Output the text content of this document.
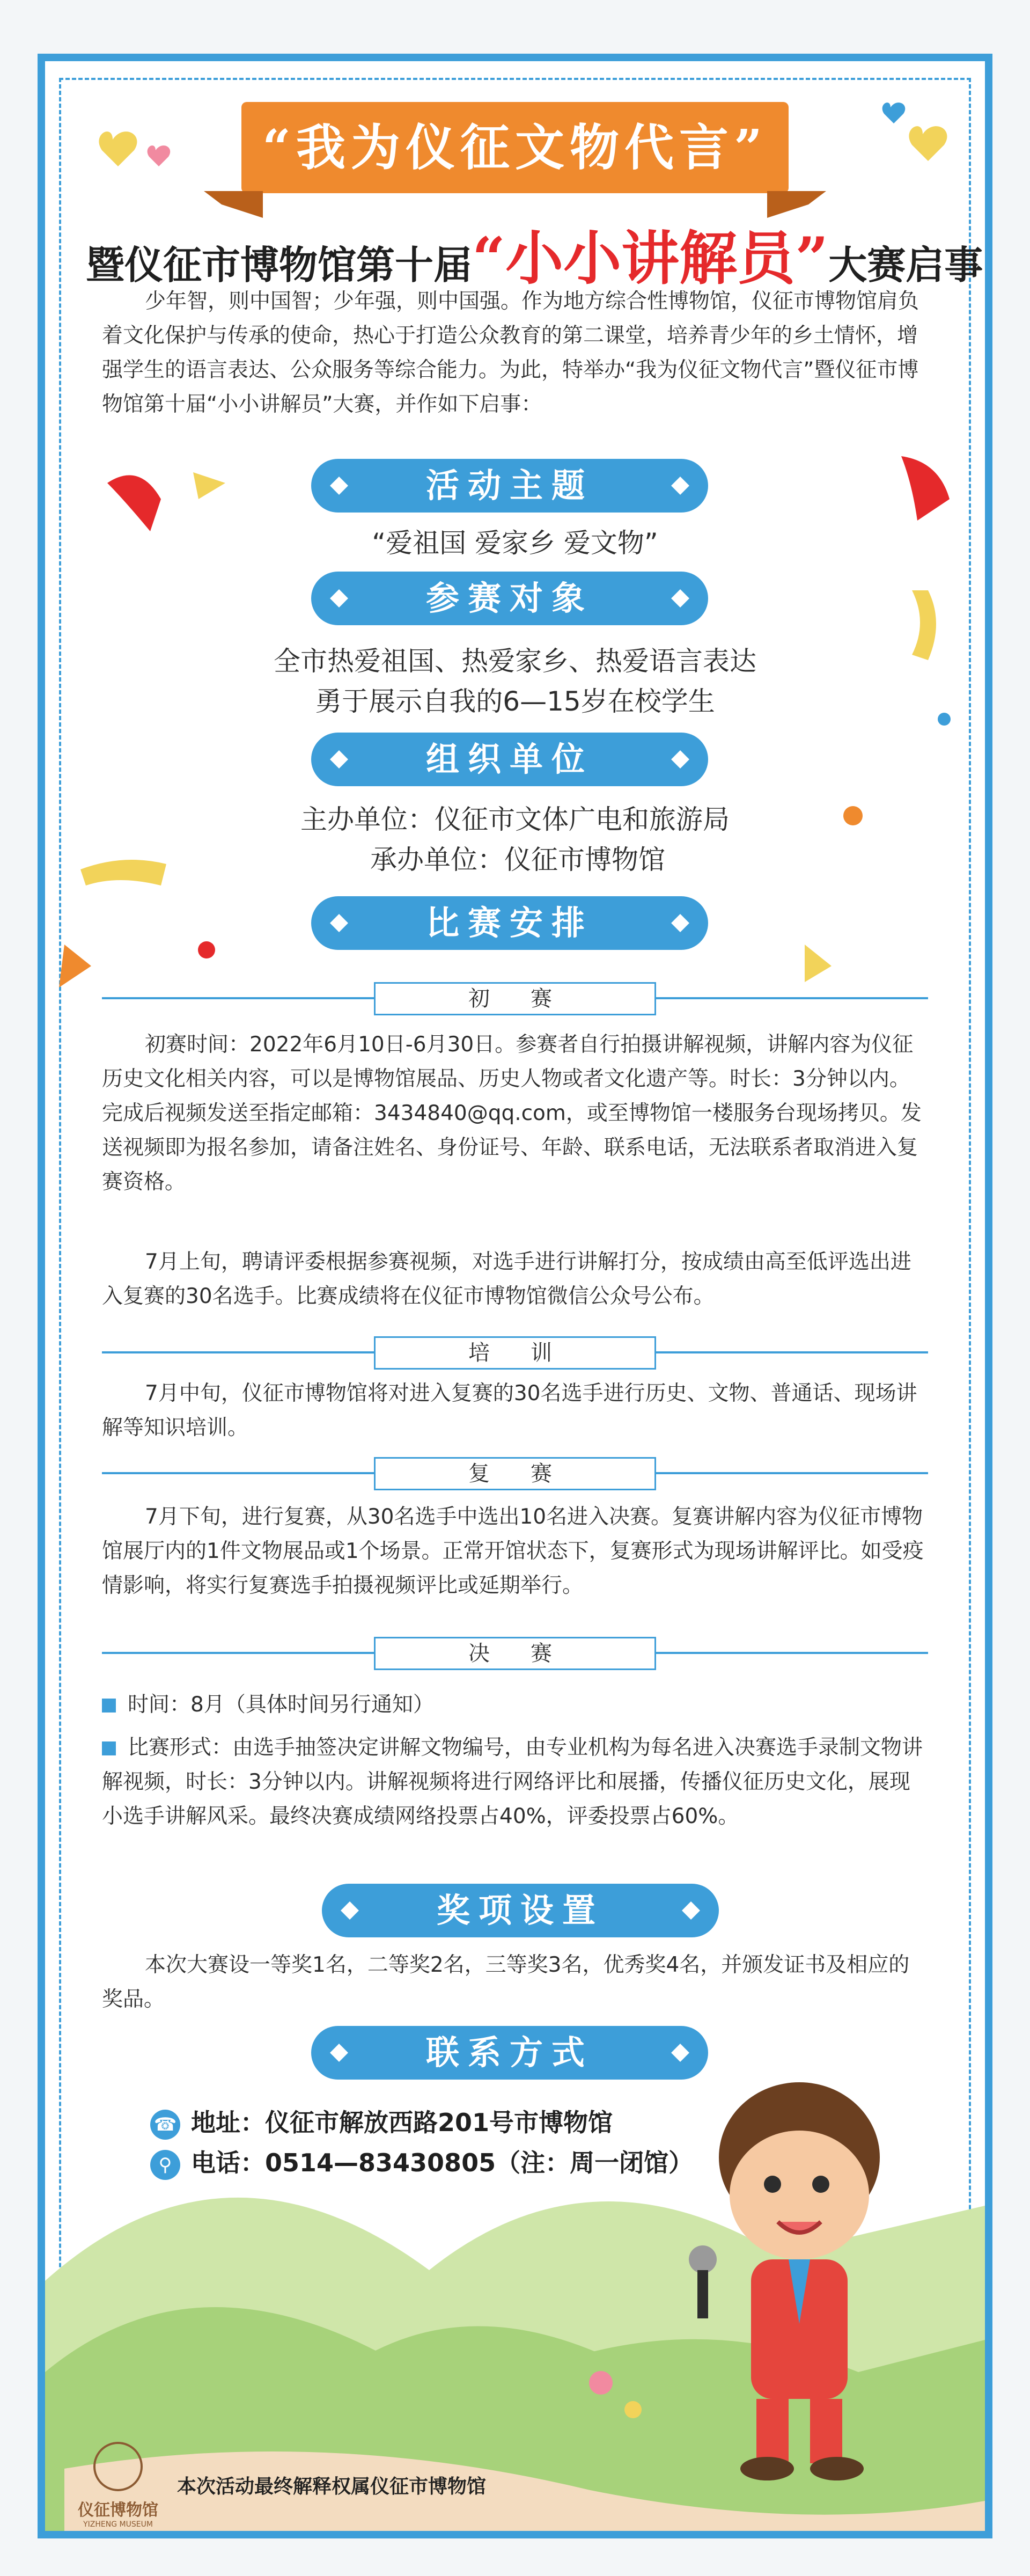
“我为仪征文物代言”
暨仪征市博物馆第十届“小小讲解员”大赛启事
少年智，则中国智；少年强，则中国强。作为地方综合性博物馆，仪征市博物馆肩负着文化保护与传承的使命，热心于打造公众教育的第二课堂，培养青少年的乡土情怀，增强学生的语言表达、公众服务等综合能力。为此，特举办“我为仪征文物代言”暨仪征市博物馆第十届“小小讲解员”大赛，并作如下启事：
活动主题
“爱祖国 爱家乡 爱文物”
参赛对象
全市热爱祖国、热爱家乡、热爱语言表达
勇于展示自我的6—15岁在校学生
组织单位
主办单位：仪征市文体广电和旅游局
承办单位：仪征市博物馆
比赛安排
初　赛
初赛时间：2022年6月10日-6月30日。参赛者自行拍摄讲解视频，讲解内容为仪征历史文化相关内容，可以是博物馆展品、历史人物或者文化遗产等。时长：3分钟以内。完成后视频发送至指定邮箱：3434840@qq.com，或至博物馆一楼服务台现场拷贝。发送视频即为报名参加，请备注姓名、身份证号、年龄、联系电话，无法联系者取消进入复赛资格。
7月上旬，聘请评委根据参赛视频，对选手进行讲解打分，按成绩由高至低评选出进入复赛的30名选手。比赛成绩将在仪征市博物馆微信公众号公布。
培　训
7月中旬，仪征市博物馆将对进入复赛的30名选手进行历史、文物、普通话、现场讲解等知识培训。
复　赛
7月下旬，进行复赛，从30名选手中选出10名进入决赛。复赛讲解内容为仪征市博物馆展厅内的1件文物展品或1个场景。正常开馆状态下，复赛形式为现场讲解评比。如受疫情影响，将实行复赛选手拍摄视频评比或延期举行。
决　赛
时间：8月（具体时间另行通知）
比赛形式：由选手抽签决定讲解文物编号，由专业机构为每名进入决赛选手录制文物讲解视频，时长：3分钟以内。讲解视频将进行网络评比和展播，传播仪征历史文化，展现小选手讲解风采。最终决赛成绩网络投票占40%，评委投票占60%。
奖项设置
本次大赛设一等奖1名，二等奖2名，三等奖3名，优秀奖4名，并颁发证书及相应的奖品。
联系方式
☎ 地址：仪征市解放西路201号市博物馆
⚲ 电话：0514—83430805（注：周一闭馆）
仪征博物馆
YIZHENG MUSEUM
本次活动最终解释权属仪征市博物馆
